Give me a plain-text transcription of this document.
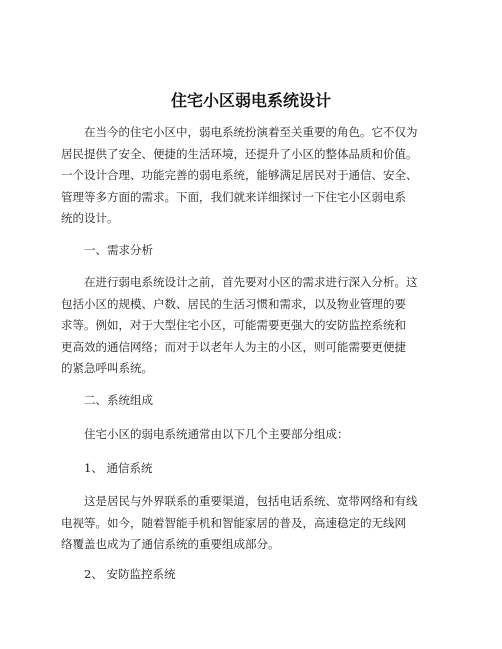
住宅小区弱电系统设计
　　在当今的住宅小区中，弱电系统扮演着至关重要的角色。它不仅为
居民提供了安全、便捷的生活环境，还提升了小区的整体品质和价值。
一个设计合理、功能完善的弱电系统，能够满足居民对于通信、安全、
管理等多方面的需求。下面，我们就来详细探讨一下住宅小区弱电系
统的设计。
　　一、需求分析
　　在进行弱电系统设计之前，首先要对小区的需求进行深入分析。这
包括小区的规模、户数、居民的生活习惯和需求，以及物业管理的要
求等。例如，对于大型住宅小区，可能需要更强大的安防监控系统和
更高效的通信网络；而对于以老年人为主的小区，则可能需要更便捷
的紧急呼叫系统。
　　二、系统组成
　　住宅小区的弱电系统通常由以下几个主要部分组成：
　　1、 通信系统
　　这是居民与外界联系的重要渠道，包括电话系统、宽带网络和有线
电视等。如今，随着智能手机和智能家居的普及，高速稳定的无线网
络覆盖也成为了通信系统的重要组成部分。
　　2、 安防监控系统
